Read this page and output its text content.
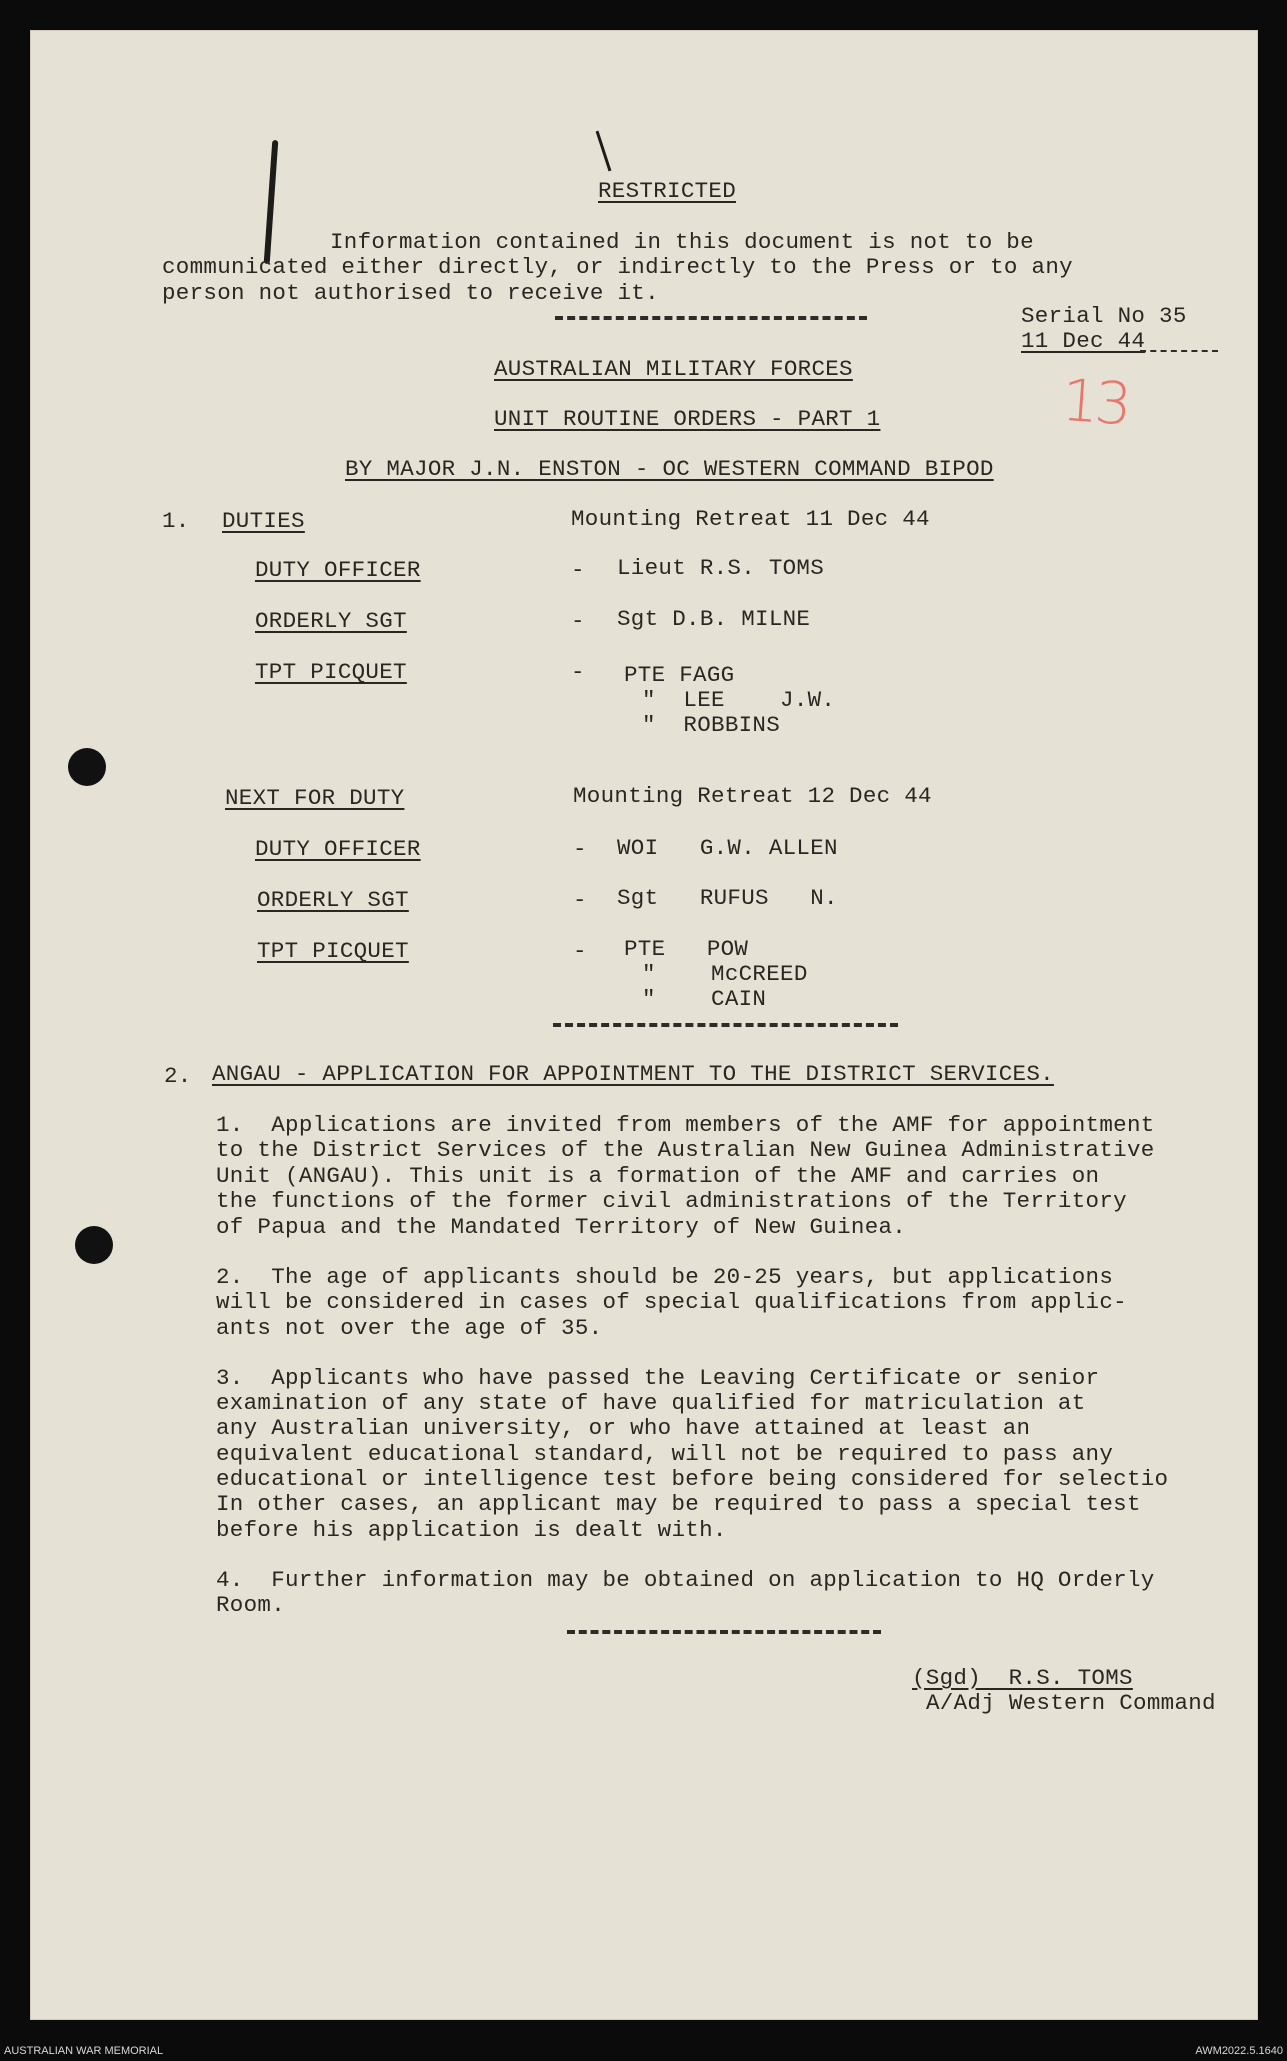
RESTRICTED
Information contained in this document is not to be
communicated either directly, or indirectly to the Press or to any
person not authorised to receive it.
Serial No 35
11 Dec 44
13
AUSTRALIAN MILITARY FORCES
UNIT ROUTINE ORDERS - PART 1
BY MAJOR J.N. ENSTON - OC WESTERN COMMAND BIPOD
1. DUTIES	Mounting Retreat 11 Dec 44
DUTY OFFICER	- Lieut R.S. TOMS
ORDERLY SGT	- Sgt D.B. MILNE
TPT PICQUET	- PTE FAGG
"  LEE    J.W.
"  ROBBINS
NEXT FOR DUTY	Mounting Retreat 12 Dec 44
DUTY OFFICER	- WOI   G.W. ALLEN
ORDERLY SGT	- Sgt   RUFUS   N.
TPT PICQUET	- PTE   POW
"    McCREED
"    CAIN
2. ANGAU - APPLICATION FOR APPOINTMENT TO THE DISTRICT SERVICES.
1.  Applications are invited from members of the AMF for appointment
to the District Services of the Australian New Guinea Administrative
Unit (ANGAU). This unit is a formation of the AMF and carries on
the functions of the former civil administrations of the Territory
of Papua and the Mandated Territory of New Guinea.
2.  The age of applicants should be 20-25 years, but applications
will be considered in cases of special qualifications from applic-
ants not over the age of 35.
3.  Applicants who have passed the Leaving Certificate or senior
examination of any state of have qualified for matriculation at
any Australian university, or who have attained at least an
equivalent educational standard, will not be required to pass any
educational or intelligence test before being considered for selectio
In other cases, an applicant may be required to pass a special test
before his application is dealt with.
4.  Further information may be obtained on application to HQ Orderly
Room.
(Sgd)  R.S. TOMS
A/Adj Western Command
AUSTRALIAN WAR MEMORIAL	AWM2022.5.1640
